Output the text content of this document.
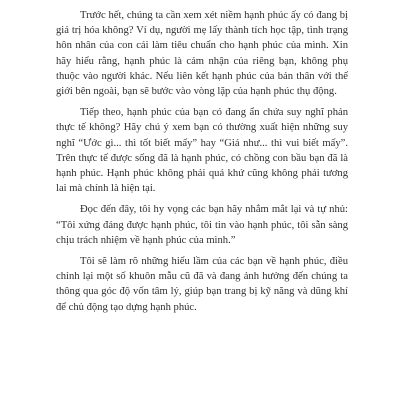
Trước hết, chúng ta cần xem xét niềm hạnh phúc ấy có đang bị giá trị hóa không? Ví dụ, người mẹ lấy thành tích học tập, tình trạng hôn nhân của con cái làm tiêu chuẩn cho hạnh phúc của mình. Xin hãy hiểu rằng, hạnh phúc là cảm nhận của riêng bạn, không phụ thuộc vào người khác. Nếu liên kết hạnh phúc của bản thân với thế giới bên ngoài, bạn sẽ bước vào vòng lặp của hạnh phúc thụ động.

Tiếp theo, hạnh phúc của bạn có đang ẩn chứa suy nghĩ phản thực tế không? Hãy chú ý xem bạn có thường xuất hiện những suy nghĩ “Ước gì... thì tốt biết mấy” hay “Giá như... thì vui biết mấy”. Trên thực tế được sống đã là hạnh phúc, có chồng con bầu bạn đã là hạnh phúc. Hạnh phúc không phải quá khứ cũng không phải tương lai mà chính là hiện tại.

Đọc đến đây, tôi hy vọng các bạn hãy nhắm mắt lại và tự nhủ: “Tôi xứng đáng được hạnh phúc, tôi tin vào hạnh phúc, tôi sẵn sàng chịu trách nhiệm về hạnh phúc của mình.”

Tôi sẽ làm rõ những hiểu lầm của các bạn về hạnh phúc, điều chỉnh lại một số khuôn mẫu cũ đã và đang ảnh hưởng đến chúng ta thông qua góc độ vốn tâm lý, giúp bạn trang bị kỹ năng và dũng khí để chủ động tạo dựng hạnh phúc.
